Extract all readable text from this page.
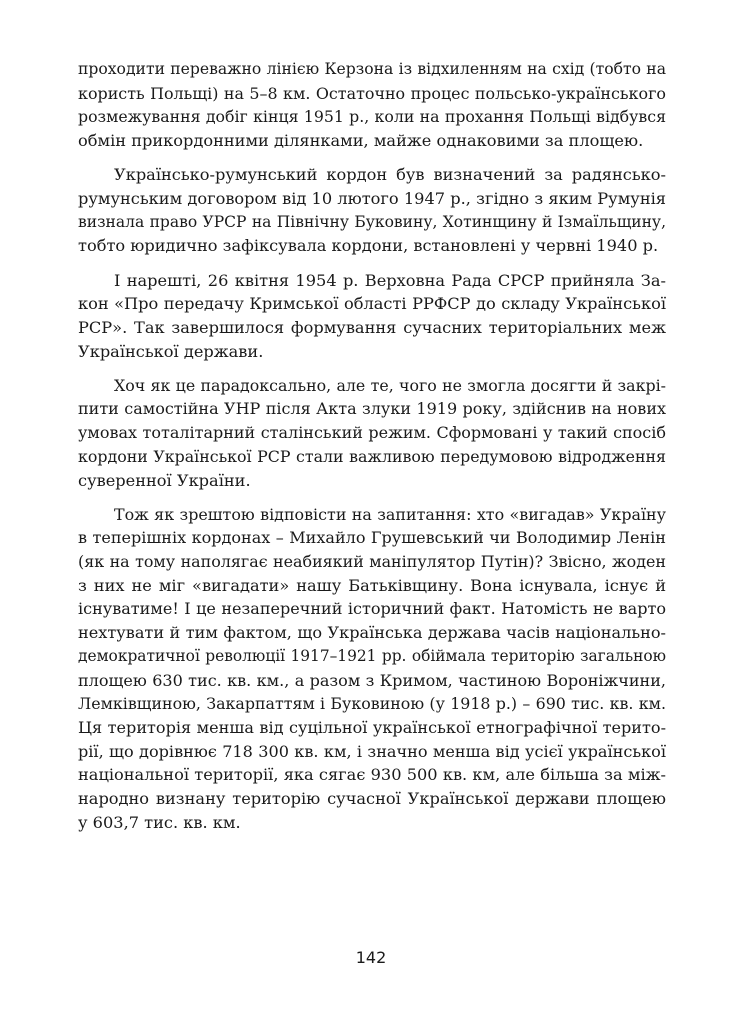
проходити переважно лінією Керзона із відхиленням на схід (тобто на
користь Польщі) на 5–8 км. Остаточно процес польсько-українського
розмежування добіг кінця 1951 р., коли на прохання Польщі відбувся
обмін прикордонними ділянками, майже однаковими за площею.
Українсько-румунський кордон був визначений за радянсько-
румунським договором від 10 лютого 1947 р., згідно з яким Румунія
визнала право УРСР на Північну Буковину, Хотинщину й Ізмаїльщину,
тобто юридично зафіксувала кордони, встановлені у червні 1940 р.
І нарешті, 26 квітня 1954 р. Верховна Рада СРСР прийняла За-
кон «Про передачу Кримської області РРФСР до складу Української
РСР». Так завершилося формування сучасних територіальних меж
Української держави.
Хоч як це парадоксально, але те, чого не змогла досягти й закрі-
пити самостійна УНР після Акта злуки 1919 року, здійснив на нових
умовах тоталітарний сталінський режим. Сформовані у такий спосіб
кордони Української РСР стали важливою передумовою відродження
суверенної України.
Тож як зрештою відповісти на запитання: хто «вигадав» Україну
в теперішніх кордонах – Михайло Грушевський чи Володимир Ленін
(як на тому наполягає неабиякий маніпулятор Путін)? Звісно, жоден
з них не міг «вигадати» нашу Батьківщину. Вона існувала, існує й
існуватиме! І це незаперечний історичний факт. Натомість не варто
нехтувати й тим фактом, що Українська держава часів національно-
демократичної революції 1917–1921 рр. обіймала територію загальною
площею 630 тис. кв. км., а разом з Кримом, частиною Вороніжчини,
Лемківщиною, Закарпаттям і Буковиною (у 1918 р.) – 690 тис. кв. км.
Ця територія менша від суцільної української етнографічної терито-
рії, що дорівнює 718 300 кв. км, і значно менша від усієї української
національної території, яка сягає 930 500 кв. км, але більша за між-
народно визнану територію сучасної Української держави площею
у 603,7 тис. кв. км.
142
